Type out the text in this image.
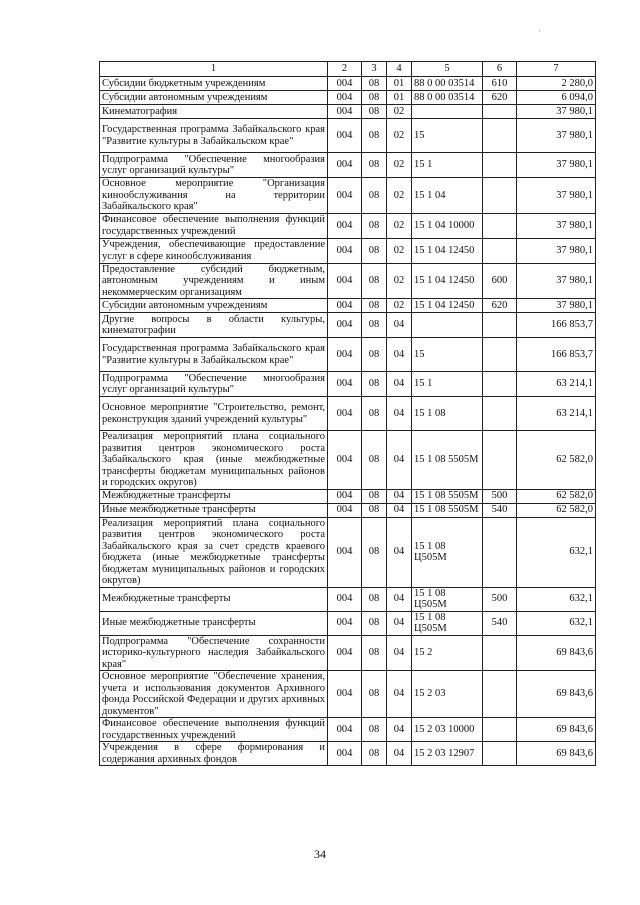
·
1	2	3	4	5	6	7
Субсидии бюджетным учреждениям	004	08	01	88 0 00 03514	610	2 280,0
Субсидии автономным учреждениям	004	08	01	88 0 00 03514	620	6 094,0
Кинематография	004	08	02			37 980,1
Государственная программа Забайкальского края "Развитие культуры в Забайкальском крае"	004	08	02	15		37 980,1
Подпрограмма "Обеспечение многообразия услуг организаций культуры"	004	08	02	15 1		37 980,1
Основное мероприятие "Организация кинообслуживания на территории Забайкальского края"	004	08	02	15 1 04		37 980,1
Финансовое обеспечение выполнения функций государственных учреждений	004	08	02	15 1 04 10000		37 980,1
Учреждения, обеспечивающие предоставление услуг в сфере кинообслуживания	004	08	02	15 1 04 12450		37 980,1
Предоставление субсидий бюджетным, автономным учреждениям и иным некоммерческим организациям	004	08	02	15 1 04 12450	600	37 980,1
Субсидии автономным учреждениям	004	08	02	15 1 04 12450	620	37 980,1
Другие вопросы в области культуры, кинематографии	004	08	04			166 853,7
Государственная программа Забайкальского края "Развитие культуры в Забайкальском крае"	004	08	04	15		166 853,7
Подпрограмма "Обеспечение многообразия услуг организаций культуры"	004	08	04	15 1		63 214,1
Основное мероприятие "Строительство, ремонт, реконструкция зданий учреждений культуры"	004	08	04	15 1 08		63 214,1
Реализация мероприятий плана социального развития центров экономического роста Забайкальского края (иные межбюджетные трансферты бюджетам муниципальных районов и городских округов)	004	08	04	15 1 08 5505М		62 582,0
Межбюджетные трансферты	004	08	04	15 1 08 5505М	500	62 582,0
Иные межбюджетные трансферты	004	08	04	15 1 08 5505М	540	62 582,0
Реализация мероприятий плана социального развития центров экономического роста Забайкальского края за счет средств краевого бюджета (иные межбюджетные трансферты бюджетам муниципальных районов и городских округов)	004	08	04	15 1 08 Ц505М		632,1
Межбюджетные трансферты	004	08	04	15 1 08 Ц505М	500	632,1
Иные межбюджетные трансферты	004	08	04	15 1 08 Ц505М	540	632,1
Подпрограмма "Обеспечение сохранности историко-культурного наследия Забайкальского края"	004	08	04	15 2		69 843,6
Основное мероприятие "Обеспечение хранения, учета и использования документов Архивного фонда Российской Федерации и других архивных документов"	004	08	04	15 2 03		69 843,6
Финансовое обеспечение выполнения функций государственных учреждений	004	08	04	15 2 03 10000		69 843,6
Учреждения в сфере формирования и содержания архивных фондов	004	08	04	15 2 03 12907		69 843,6
34
